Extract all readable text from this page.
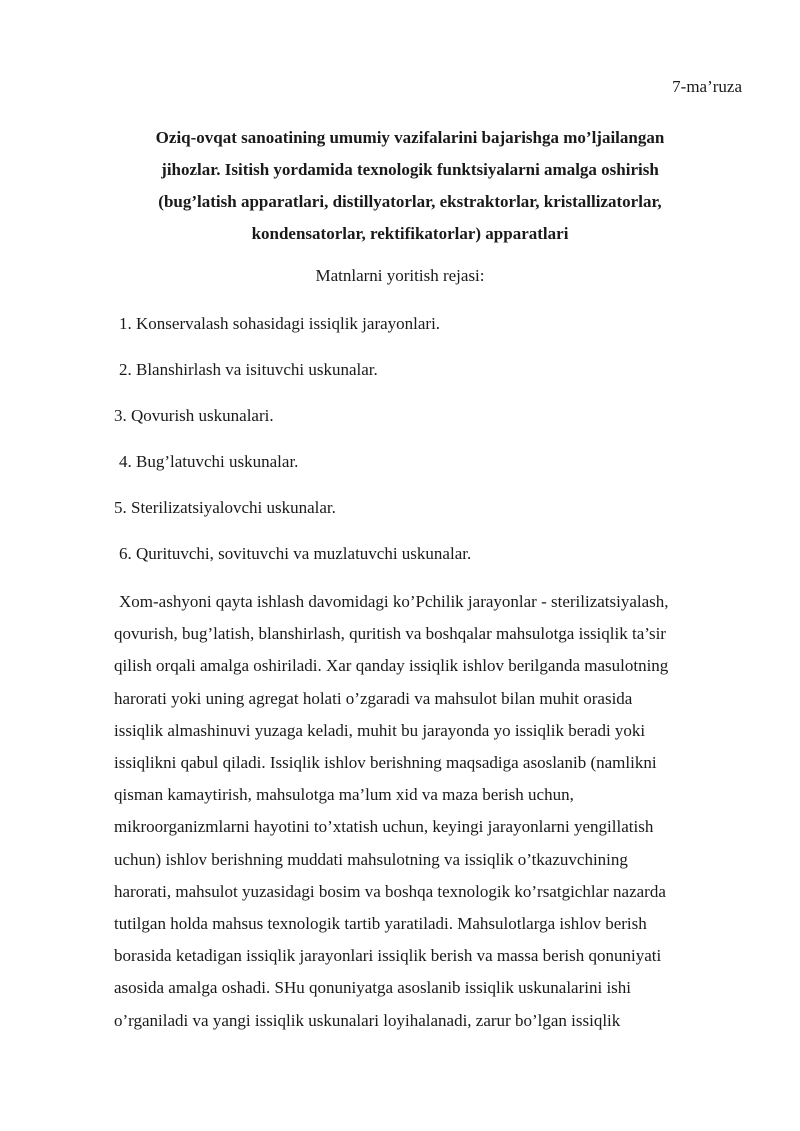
7-ma’ruza
Oziq-ovqat sanoatining umumiy vazifalarini bajarishga mo’ljailangan
jihozlar. Isitish yordamida texnologik funktsiyalarni amalga oshirish
(bug’latish apparatlari, distillyatorlar, ekstraktorlar, kristallizatorlar,
kondensatorlar, rektifikatorlar) apparatlari
Matnlarni yoritish rejasi:
1. Konservalash sohasidagi issiqlik jarayonlari.
2. Blanshirlash va isituvchi uskunalar.
3. Qovurish uskunalari.
4. Bug’latuvchi uskunalar.
5. Sterilizatsiyalovchi uskunalar.
6. Qurituvchi, sovituvchi va muzlatuvchi uskunalar.

Xom-ashyoni qayta ishlash davomidagi ko’Pchilik jarayonlar - sterilizatsiyalash,
qovurish, bug’latish, blanshirlash, quritish va boshqalar mahsulotga issiqlik ta’sir
qilish orqali amalga oshiriladi. Xar qanday issiqlik ishlov berilganda masulotning
harorati yoki uning agregat holati o’zgaradi va mahsulot bilan muhit orasida
issiqlik almashinuvi yuzaga keladi, muhit bu jarayonda yo issiqlik beradi yoki
issiqlikni qabul qiladi. Issiqlik ishlov berishning maqsadiga asoslanib (namlikni
qisman kamaytirish, mahsulotga ma’lum xid va maza berish uchun,
mikroorganizmlarni hayotini to’xtatish uchun, keyingi jarayonlarni yengillatish
uchun) ishlov berishning muddati mahsulotning va issiqlik o’tkazuvchining
harorati, mahsulot yuzasidagi bosim va boshqa texnologik ko’rsatgichlar nazarda
tutilgan holda mahsus texnologik tartib yaratiladi. Mahsulotlarga ishlov berish
borasida ketadigan issiqlik jarayonlari issiqlik berish va massa berish qonuniyati
asosida amalga oshadi. SHu qonuniyatga asoslanib issiqlik uskunalarini ishi
o’rganiladi va yangi issiqlik uskunalari loyihalanadi, zarur bo’lgan issiqlik
